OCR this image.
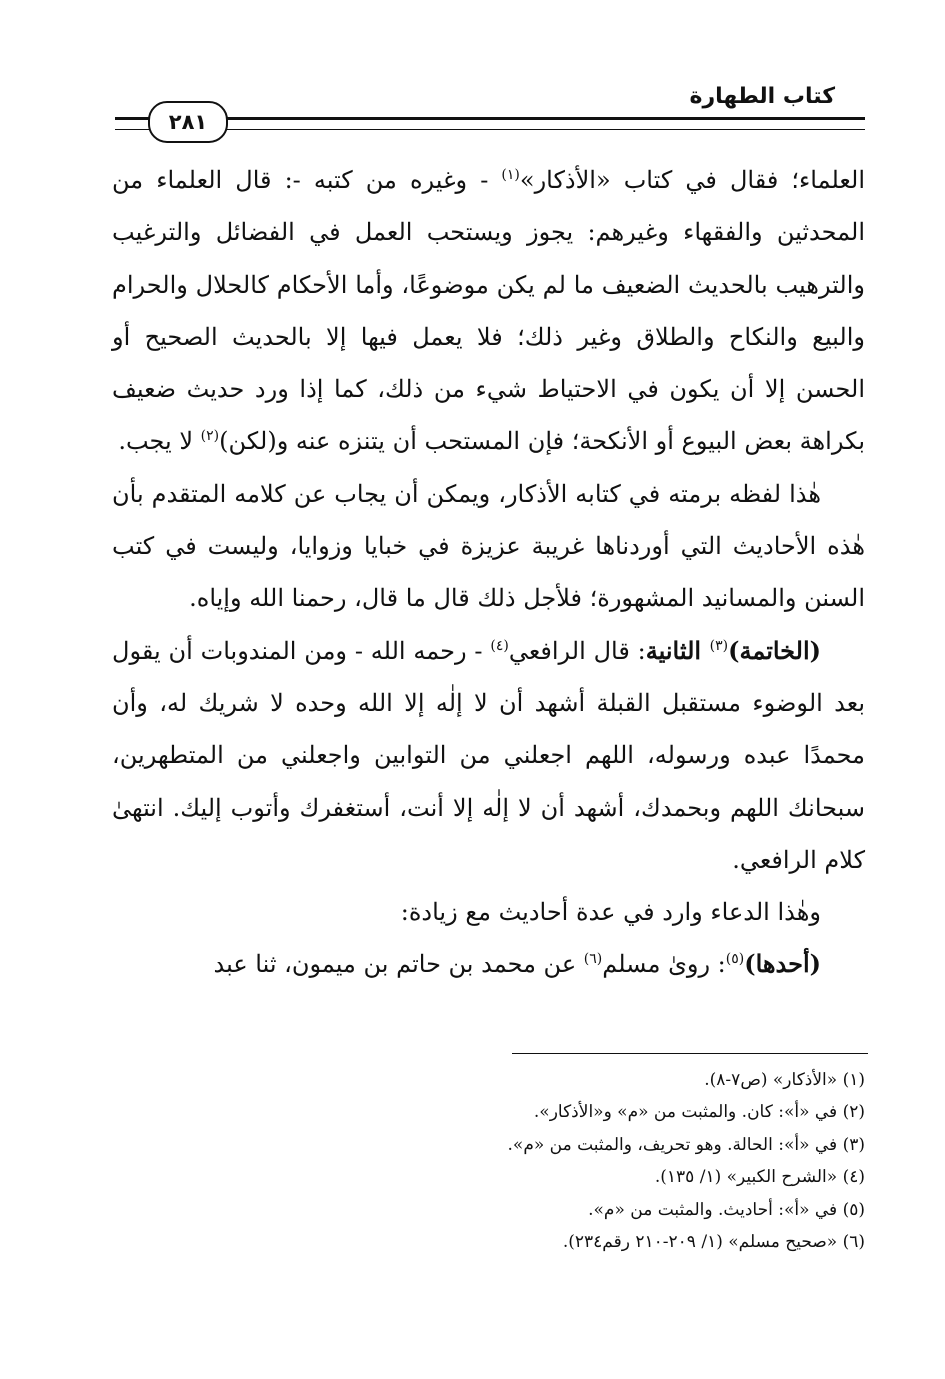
كتاب الطهارة
٢٨١

العلماء؛ فقال في كتاب «الأذكار»$^{(١)}$ - وغيره من كتبه -: قال العلماء من المحدثين والفقهاء وغيرهم: يجوز ويستحب العمل في الفضائل والترغيب والترهيب بالحديث الضعيف ما لم يكن موضوعًا، وأما الأحكام كالحلال والحرام والبيع والنكاح والطلاق وغير ذلك؛ فلا يعمل فيها إلا بالحديث الصحيح أو الحسن إلا أن يكون في الاحتياط شيء من ذلك، كما إذا ورد حديث ضعيف بكراهة بعض البيوع أو الأنكحة؛ فإن المستحب أن يتنزه عنه و(لكن)$^{(٢)}$ لا يجب.

هٰذا لفظه برمته في كتابه الأذكار، ويمكن أن يجاب عن كلامه المتقدم بأن هٰذه الأحاديث التي أوردناها غريبة عزيزة في خبايا وزوايا، وليست في كتب السنن والمسانيد المشهورة؛ فلأجل ذلك قال ما قال، رحمنا الله وإياه.

(الخاتمة)$^{(٣)}$ الثانية: قال الرافعي$^{(٤)}$ - رحمه الله - ومن المندوبات أن يقول بعد الوضوء مستقبل القبلة أشهد أن لا إلٰه إلا الله وحده لا شريك له، وأن محمدًا عبده ورسوله، اللهم اجعلني من التوابين واجعلني من المتطهرين، سبحانك اللهم وبحمدك، أشهد أن لا إلٰه إلا أنت، أستغفرك وأتوب إليك. انتهىٰ كلام الرافعي.

وهٰذا الدعاء وارد في عدة أحاديث مع زيادة:

(أحدها)$^{(٥)}$: روىٰ مسلم$^{(٦)}$ عن محمد بن حاتم بن ميمون، ثنا عبد

(١) «الأذكار» (ص٧-٨).
(٢) في «أ»: كان. والمثبت من «م» و«الأذكار».
(٣) في «أ»: الحالة. وهو تحريف، والمثبت من «م».
(٤) «الشرح الكبير» (١/ ١٣٥).
(٥) في «أ»: أحاديث. والمثبت من «م».
(٦) «صحيح مسلم» (١/ ٢٠٩-٢١٠ رقم٢٣٤).
